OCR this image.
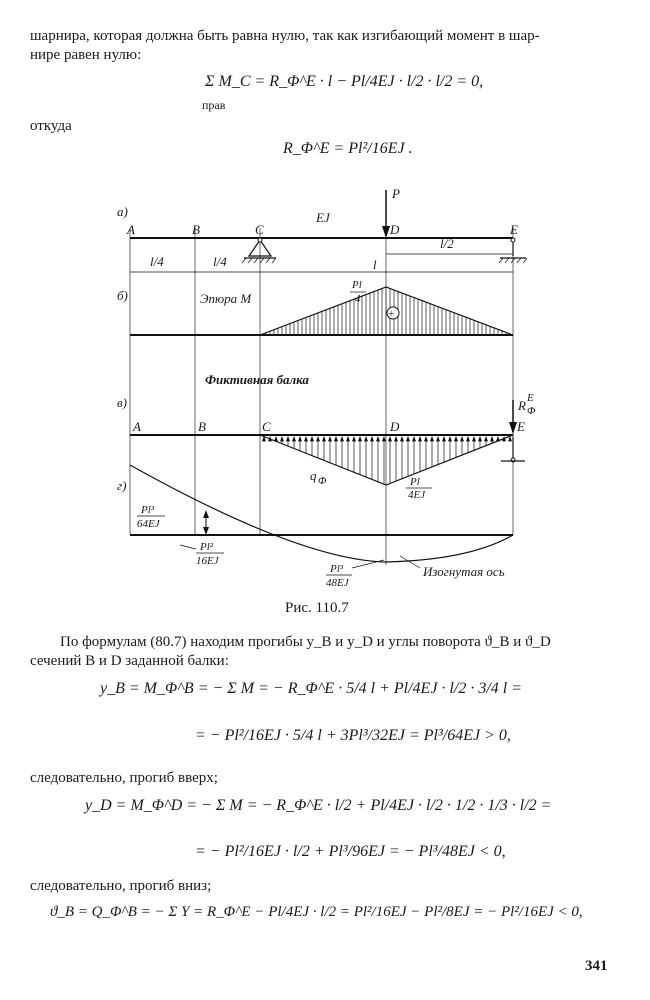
шарнира, которая должна быть равна нулю, так как изгибающий момент в шар-
нире равен нулю:
Σ M_C = R_Φ^E · l − Pl/4EJ · l/2 · l/2 = 0,
прав
откуда
R_Φ^E = Pl²/16EJ .
а)
A	B	C	D	E
EJ
P
l/4	l/4	l
l/2
б)	Эпюра М
Pl
4
+
Фиктивная балка
в)
A	B	C	D	E
q Φ	Pl
4EJ
R Φ
E
г)
Pl³
64EJ
Pl²
16EJ
Pl³
48EJ
Изогнутая ось
Рис. 110.7
По формулам (80.7) находим прогибы y_B и y_D и углы поворота ϑ_B и ϑ_D
сечений B и D заданной балки:
y_B = M_Φ^B = − Σ M = − R_Φ^E · 5/4 l + Pl/4EJ · l/2 · 3/4 l =
= − Pl²/16EJ · 5/4 l + 3Pl³/32EJ = Pl³/64EJ > 0,
следовательно, прогиб вверх;
y_D = M_Φ^D = − Σ M = − R_Φ^E · l/2 + Pl/4EJ · l/2 · 1/2 · 1/3 · l/2 =
= − Pl²/16EJ · l/2 + Pl³/96EJ = − Pl³/48EJ < 0,
следовательно, прогиб вниз;
ϑ_B = Q_Φ^B = − Σ Y = R_Φ^E − Pl/4EJ · l/2 = Pl²/16EJ − Pl²/8EJ = − Pl²/16EJ < 0,
341
